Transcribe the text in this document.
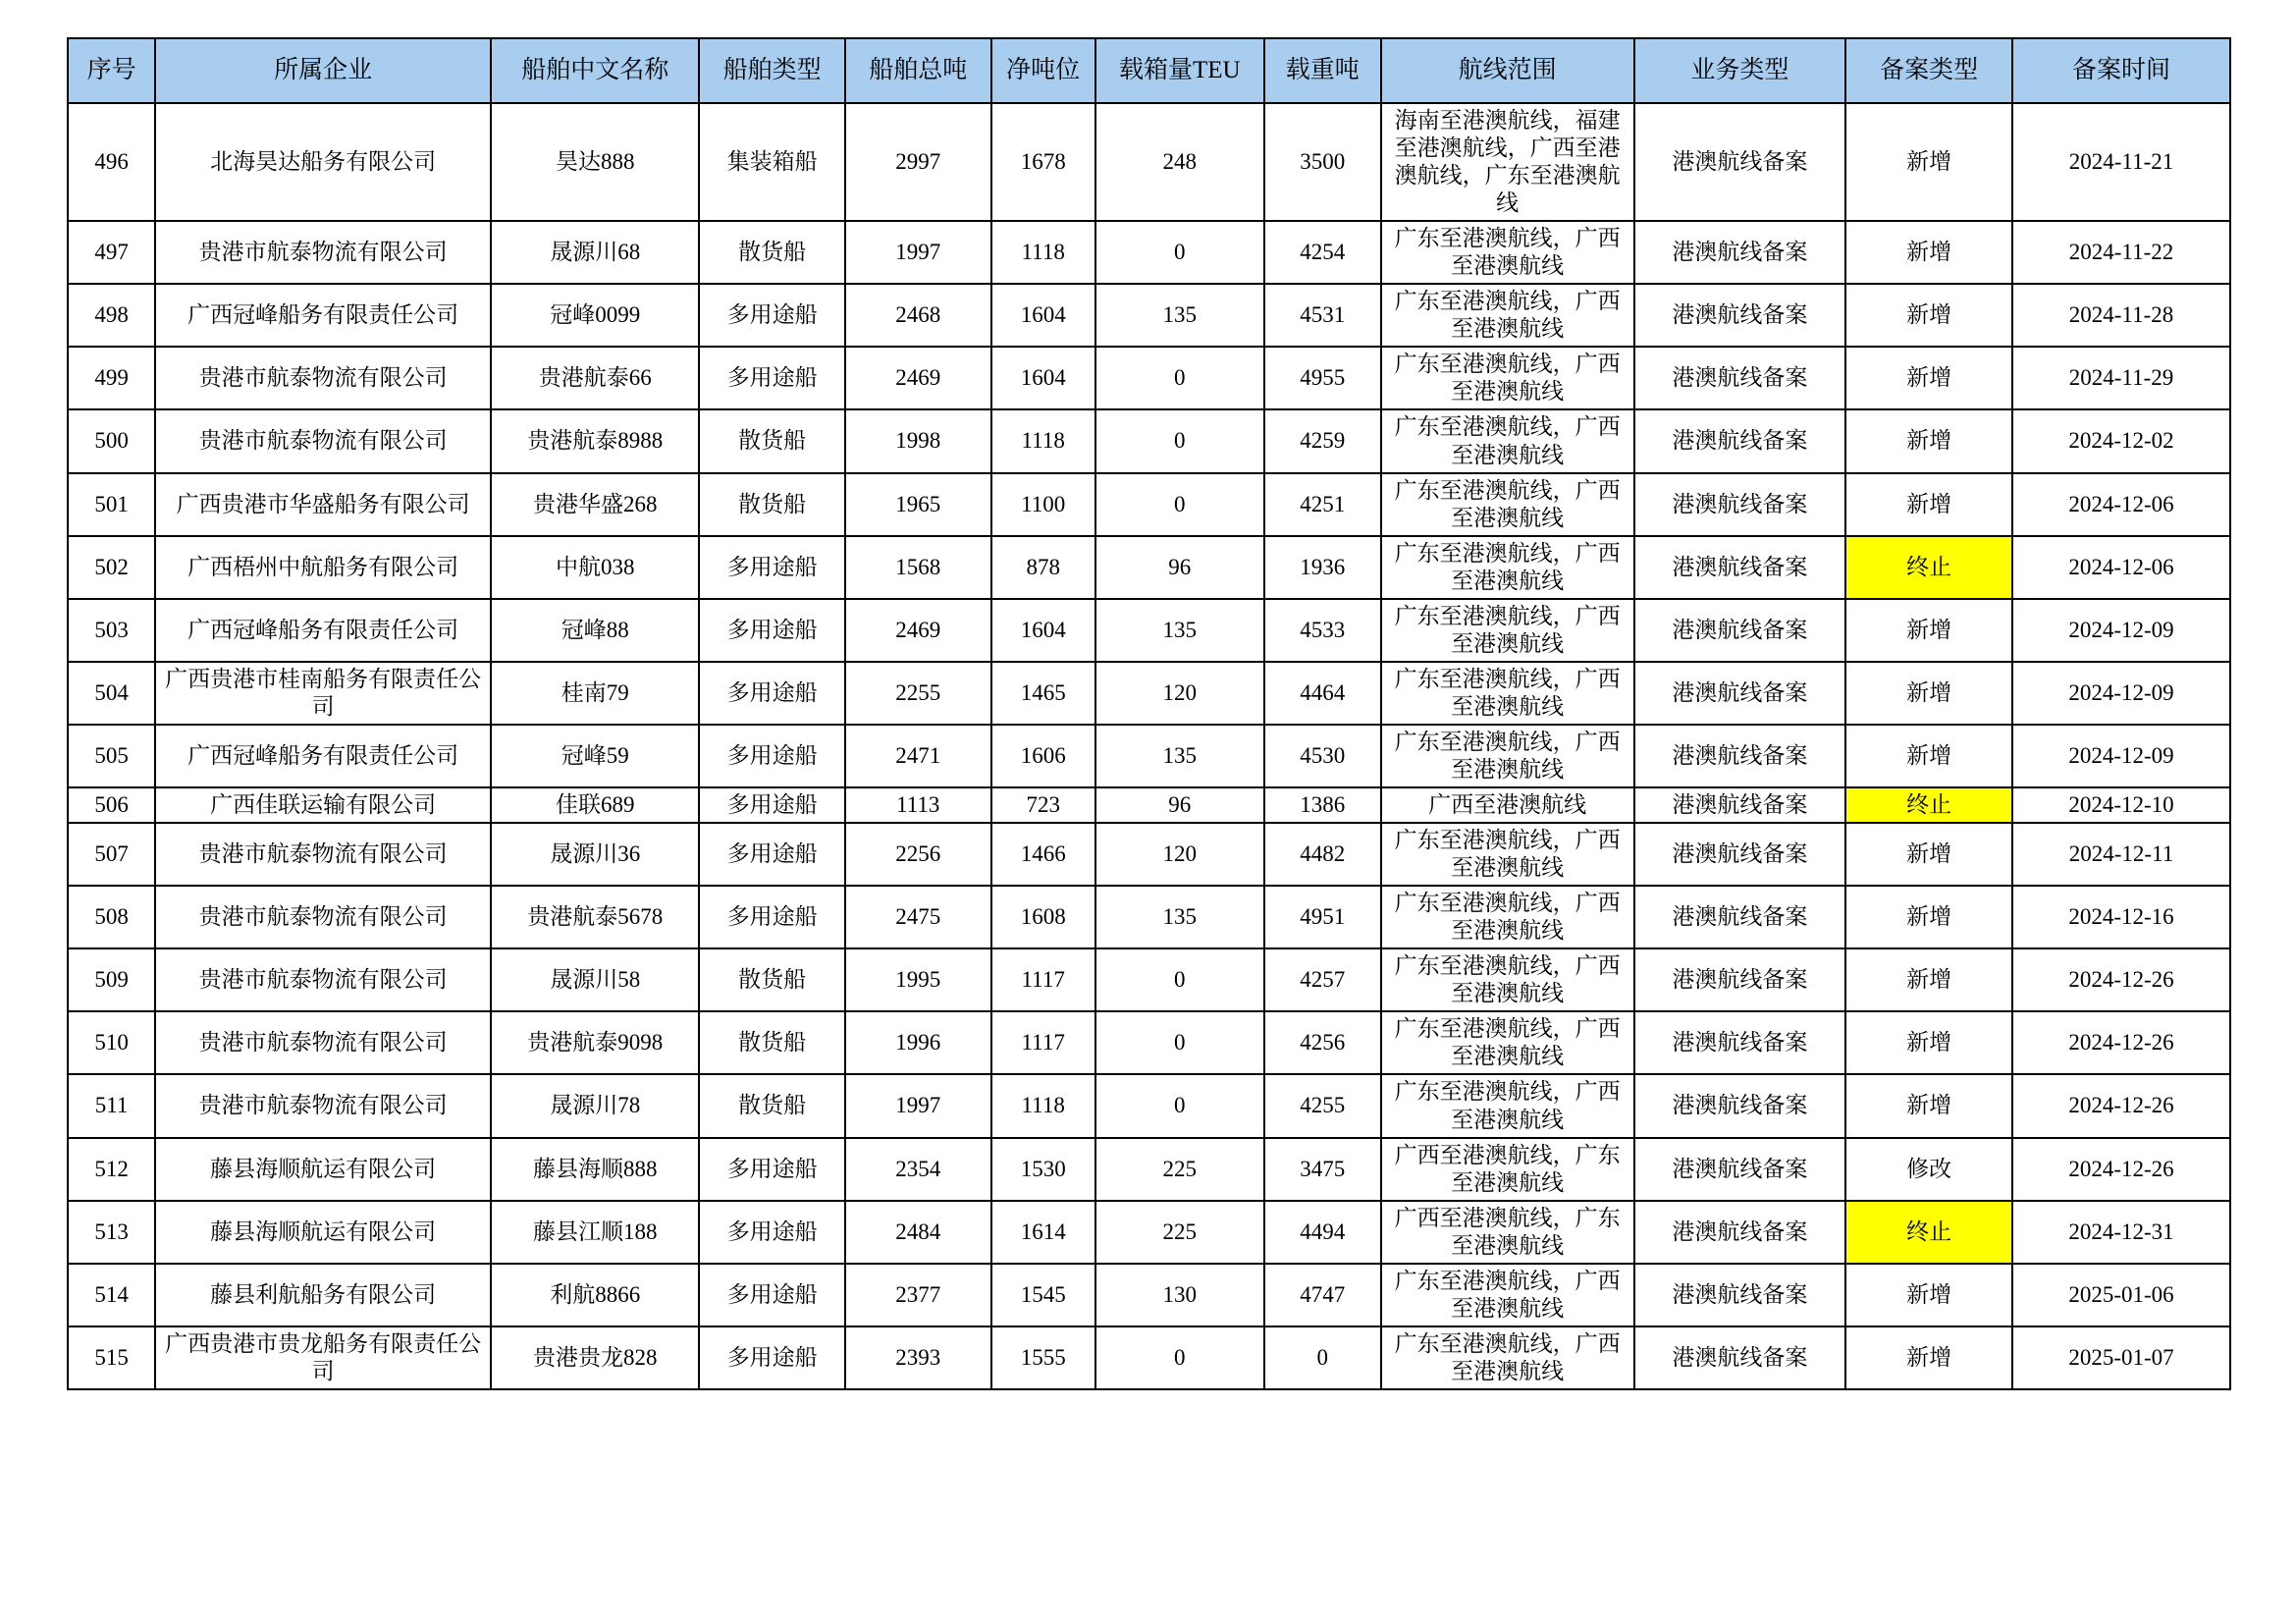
序号	所属企业	船舶中文名称	船舶类型	船舶总吨	净吨位	载箱量TEU	载重吨	航线范围	业务类型	备案类型	备案时间
496	北海昊达船务有限公司	昊达888	集装箱船	2997	1678	248	3500	海南至港澳航线，福建至港澳航线，广西至港澳航线，广东至港澳航线	港澳航线备案	新增	2024-11-21
497	贵港市航泰物流有限公司	晟源川68	散货船	1997	1118	0	4254	广东至港澳航线，广西至港澳航线	港澳航线备案	新增	2024-11-22
498	广西冠峰船务有限责任公司	冠峰0099	多用途船	2468	1604	135	4531	广东至港澳航线，广西至港澳航线	港澳航线备案	新增	2024-11-28
499	贵港市航泰物流有限公司	贵港航泰66	多用途船	2469	1604	0	4955	广东至港澳航线，广西至港澳航线	港澳航线备案	新增	2024-11-29
500	贵港市航泰物流有限公司	贵港航泰8988	散货船	1998	1118	0	4259	广东至港澳航线，广西至港澳航线	港澳航线备案	新增	2024-12-02
501	广西贵港市华盛船务有限公司	贵港华盛268	散货船	1965	1100	0	4251	广东至港澳航线，广西至港澳航线	港澳航线备案	新增	2024-12-06
502	广西梧州中航船务有限公司	中航038	多用途船	1568	878	96	1936	广东至港澳航线，广西至港澳航线	港澳航线备案	终止	2024-12-06
503	广西冠峰船务有限责任公司	冠峰88	多用途船	2469	1604	135	4533	广东至港澳航线，广西至港澳航线	港澳航线备案	新增	2024-12-09
504	广西贵港市桂南船务有限责任公司	桂南79	多用途船	2255	1465	120	4464	广东至港澳航线，广西至港澳航线	港澳航线备案	新增	2024-12-09
505	广西冠峰船务有限责任公司	冠峰59	多用途船	2471	1606	135	4530	广东至港澳航线，广西至港澳航线	港澳航线备案	新增	2024-12-09
506	广西佳联运输有限公司	佳联689	多用途船	1113	723	96	1386	广西至港澳航线	港澳航线备案	终止	2024-12-10
507	贵港市航泰物流有限公司	晟源川36	多用途船	2256	1466	120	4482	广东至港澳航线，广西至港澳航线	港澳航线备案	新增	2024-12-11
508	贵港市航泰物流有限公司	贵港航泰5678	多用途船	2475	1608	135	4951	广东至港澳航线，广西至港澳航线	港澳航线备案	新增	2024-12-16
509	贵港市航泰物流有限公司	晟源川58	散货船	1995	1117	0	4257	广东至港澳航线，广西至港澳航线	港澳航线备案	新增	2024-12-26
510	贵港市航泰物流有限公司	贵港航泰9098	散货船	1996	1117	0	4256	广东至港澳航线，广西至港澳航线	港澳航线备案	新增	2024-12-26
511	贵港市航泰物流有限公司	晟源川78	散货船	1997	1118	0	4255	广东至港澳航线，广西至港澳航线	港澳航线备案	新增	2024-12-26
512	藤县海顺航运有限公司	藤县海顺888	多用途船	2354	1530	225	3475	广西至港澳航线，广东至港澳航线	港澳航线备案	修改	2024-12-26
513	藤县海顺航运有限公司	藤县江顺188	多用途船	2484	1614	225	4494	广西至港澳航线，广东至港澳航线	港澳航线备案	终止	2024-12-31
514	藤县利航船务有限公司	利航8866	多用途船	2377	1545	130	4747	广东至港澳航线，广西至港澳航线	港澳航线备案	新增	2025-01-06
515	广西贵港市贵龙船务有限责任公司	贵港贵龙828	多用途船	2393	1555	0	0	广东至港澳航线，广西至港澳航线	港澳航线备案	新增	2025-01-07
